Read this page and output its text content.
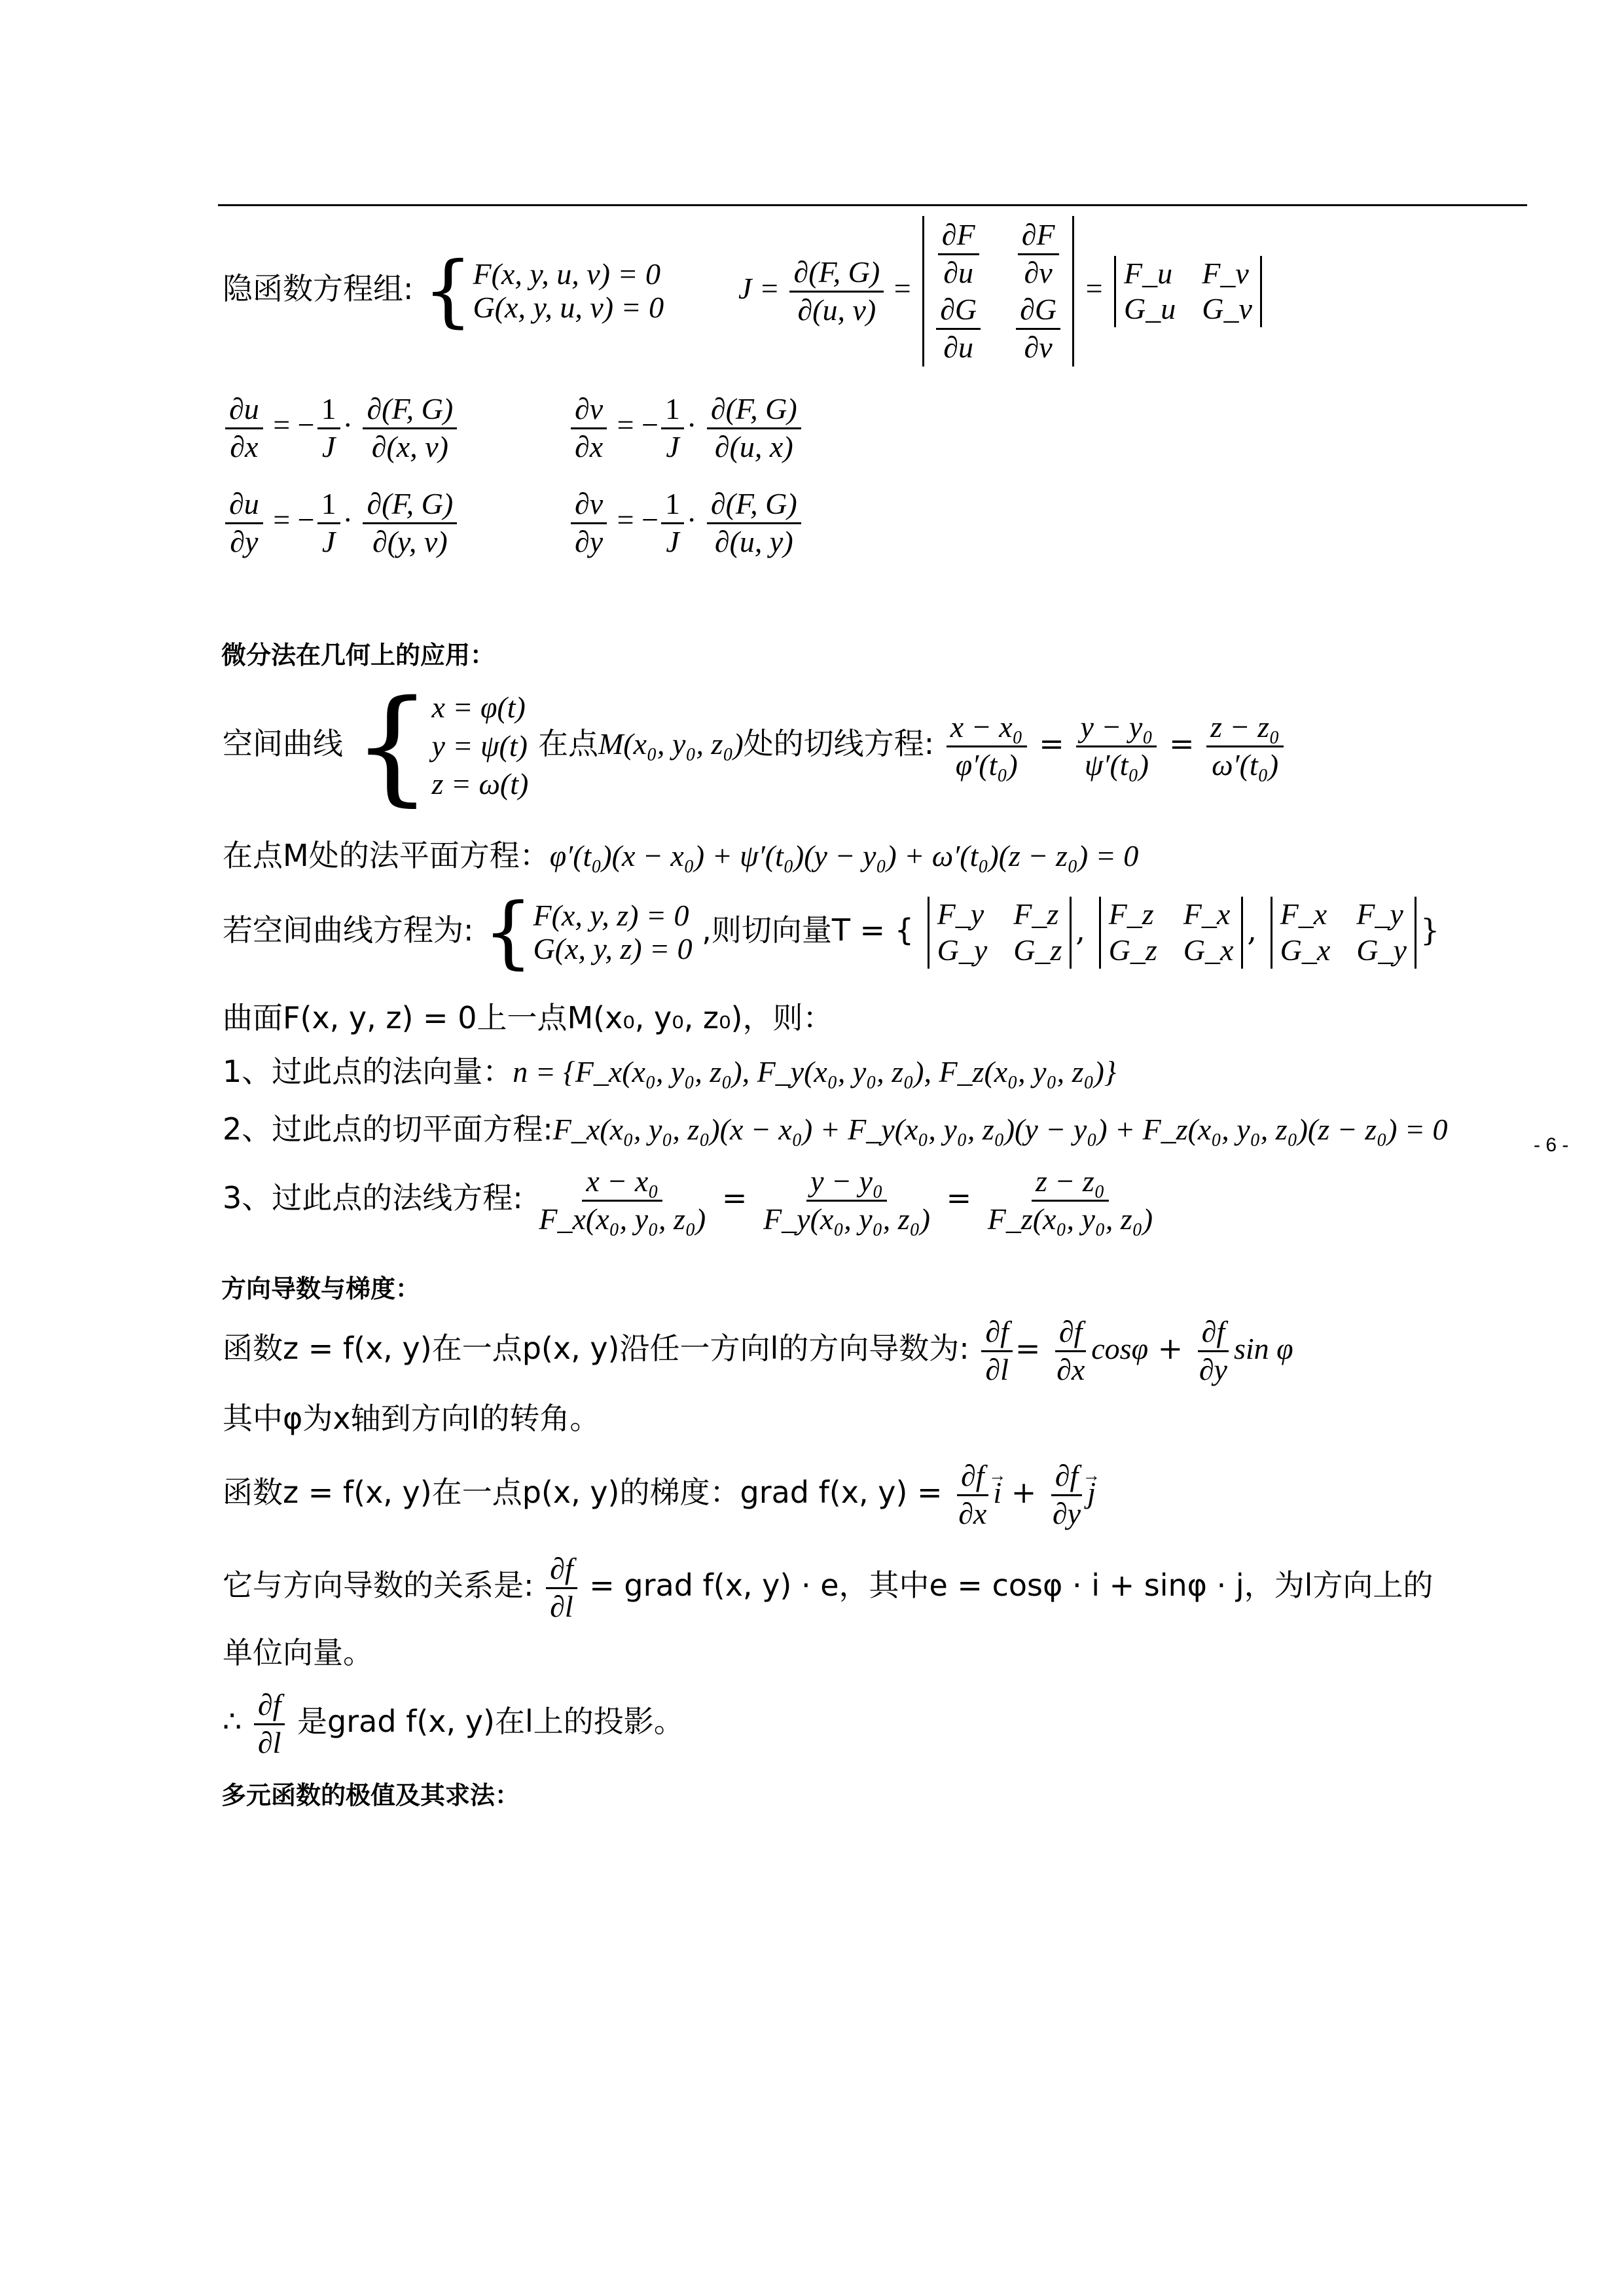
隐函数方程组: { F(x, y, u, v) = 0
G(x, y, u, v) = 0
$J = \frac{\partial(F, G)}{\partial(u, v)} = \frac{\partial F}{\partial u} \frac{\partial F}{\partial v}$
$\frac{\partial G}{\partial u} \frac{\partial G}{\partial v}$
= F_u F_v
G_u G_v
$\frac{\partial u}{\partial x}$ = − $\frac{1}{J} \cdot \frac{\partial(F, G)}{\partial(x, v)}$	$\frac{\partial v}{\partial x}$ = − $\frac{1}{J} \cdot \frac{\partial(F, G)}{\partial(u, x)}$
$\frac{\partial u}{\partial y}$ = − $\frac{1}{J} \cdot \frac{\partial(F, G)}{\partial(y, v)}$	$\frac{\partial v}{\partial y}$ = − $\frac{1}{J} \cdot \frac{\partial(F, G)}{\partial(u, y)}$
微分法在几何上的应用：
空间曲线 { x = φ(t)
y = ψ(t)
z = ω(t)
在点M(x₀, y₀, z₀)处的切线方程: $\frac{\text{x − x₀}}{\text{φ′(t₀)}} = \frac{\text{y − y₀}}{\text{ψ′(t₀)}} = \frac{\text{z − z₀}}{\text{ω′(t₀)}}$
在点M处的法平面方程：φ′(t₀)(x − x₀) + ψ′(t₀)(y − y₀) + ω′(t₀)(z − z₀) = 0
若空间曲线方程为: { F(x, y, z) = 0
G(x, y, z) = 0
,则切向量T = { F_y F_z
G_y G_z
, F_z F_x
G_z G_x
, F_x F_y
G_x G_y
}
曲面F(x, y, z) = 0上一点M(x₀, y₀, z₀)，则：
1、过此点的法向量：n = {F_x(x₀, y₀, z₀), F_y(x₀, y₀, z₀), F_z(x₀, y₀, z₀)}
2、过此点的切平面方程:F_x(x₀, y₀, z₀)(x − x₀) + F_y(x₀, y₀, z₀)(y − y₀) + F_z(x₀, y₀, z₀)(z − z₀) = 0	- 6 -
3、过此点的法线方程: $\frac{\text{x − x₀}}{\text{F\_x(x₀, y₀, z₀)}} = \frac{\text{y − y₀}}{\text{F\_y(x₀, y₀, z₀)}} = \frac{\text{z − z₀}}{\text{F\_z(x₀, y₀, z₀)}}$
方向导数与梯度：
函数z = f(x, y)在一点p(x, y)沿任一方向l的方向导数为: $\frac{\partial f}{\partial l} = \frac{\partial f}{\partial x}$ $\cos\varphi + \frac{\partial f}{\partial y}$ sin φ
其中φ为x轴到方向l的转角。
函数z = f(x, y)在一点p(x, y)的梯度：grad f(x, $y) = \frac{\partial f}{\partial x}$
→ $i + \frac{\partial f}{\partial y}$
→ j
它与方向导数的关系是: $\frac{\partial f}{\partial l}$ = grad f(x, y) · e，其中e = cosφ · i + sinφ · j，为l方向上的
单位向量。
∴ $\frac{\partial f}{\partial l}$ 是grad f(x, y)在l上的投影。
多元函数的极值及其求法：
